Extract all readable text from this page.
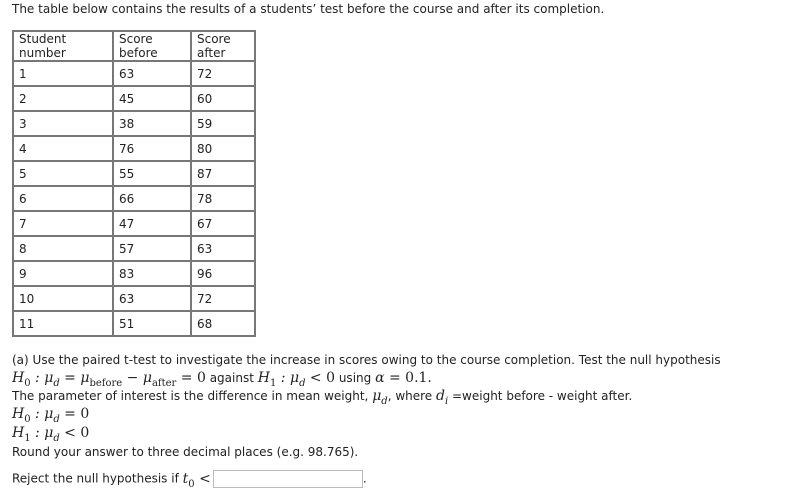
The table below contains the results of a students’ test before the course and after its completion.
Student number	Score before	Score after
1	63	72
2	45	60
3	38	59
4	76	80
5	55	87
6	66	78
7	47	67
8	57	63
9	83	96
10	63	72
11	51	68
(a) Use the paired t-test to investigate the increase in scores owing to the course completion. Test the null hypothesis
$H_0$ : $\mu_d = \mu_{before} - \mu_{after} = 0$ against $H_1$ : $\mu_d < 0$ using α = 0.1.
The parameter of interest is the difference in mean weight, $\mu_d$, where $d_i$ =weight before - weight after.
$H_0$ : $\mu_d = 0$
$H_1$ : $\mu_d < 0$
Round your answer to three decimal places (e.g. 98.765).
Reject the null hypothesis if $t_0$ <	.
